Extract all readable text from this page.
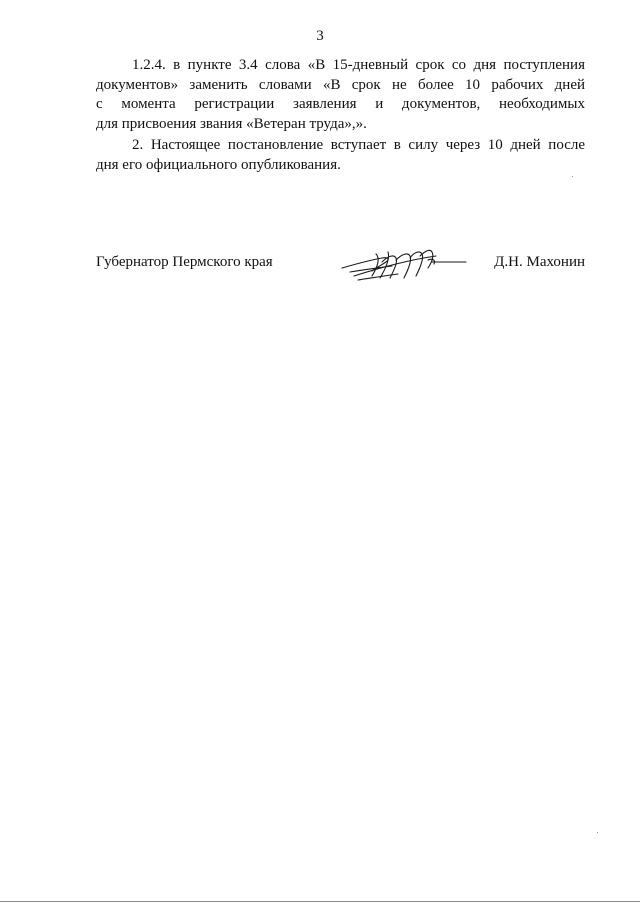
3
1.2.4. в пункте 3.4 слова «В 15-дневный срок со дня поступления
документов» заменить словами «В срок не более 10 рабочих дней
с момента регистрации заявления и документов, необходимых
для присвоения звания «Ветеран труда»,».
2. Настоящее постановление вступает в силу через 10 дней после
дня его официального опубликования.
Губернатор Пермского края	Д.Н. Махонин
